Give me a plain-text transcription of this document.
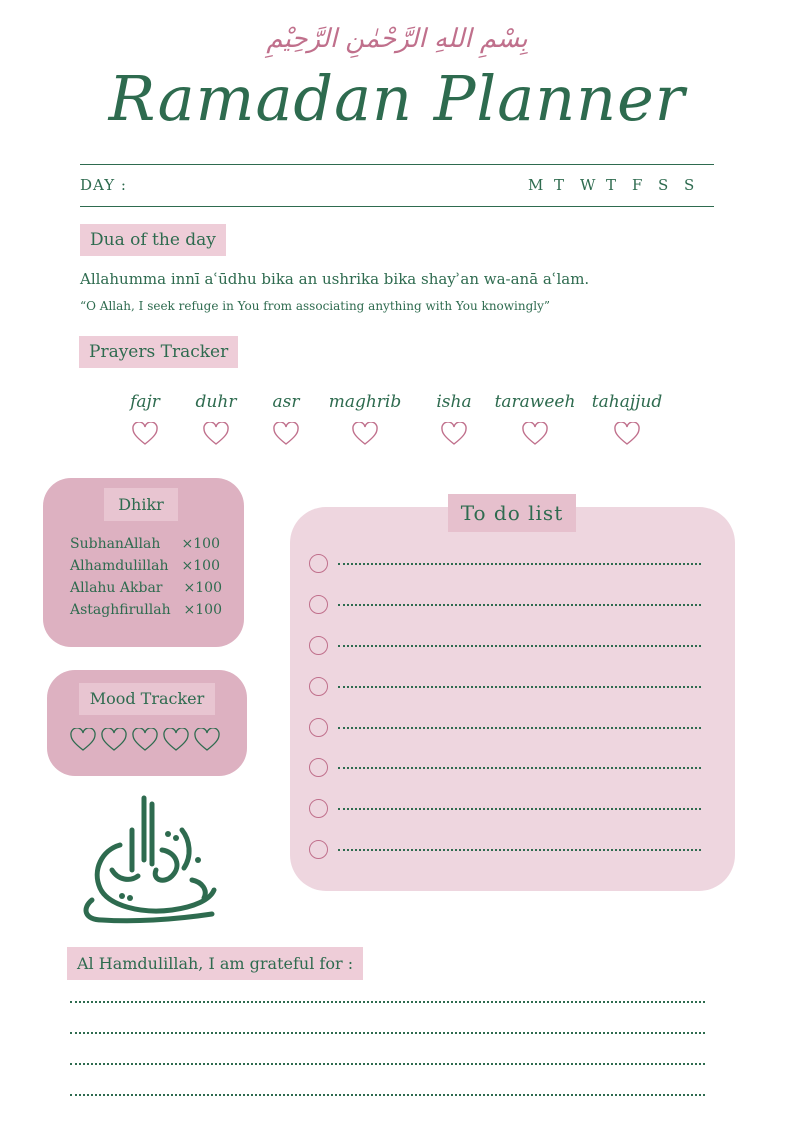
بِسْمِ اللهِ الرَّحْمٰنِ الرَّحِيْمِ
Ramadan Planner
DAY :	M T	W T	F	S	S
Dua of the day
Allahumma innī aʿūdhu bika an ushrika bika shayʾan wa-anā aʿlam.
“O Allah, I seek refuge in You from associating anything with You knowingly”
Prayers Tracker
fajr	duhr	asr	maghrib	isha	taraweeh tahajjud
Dhikr
SubhanAllah ×100
Alhamdulillah ×100
Allahu Akbar ×100
Astaghfirullah ×100
Mood Tracker
To do list
Al Hamdulillah, I am grateful for :
